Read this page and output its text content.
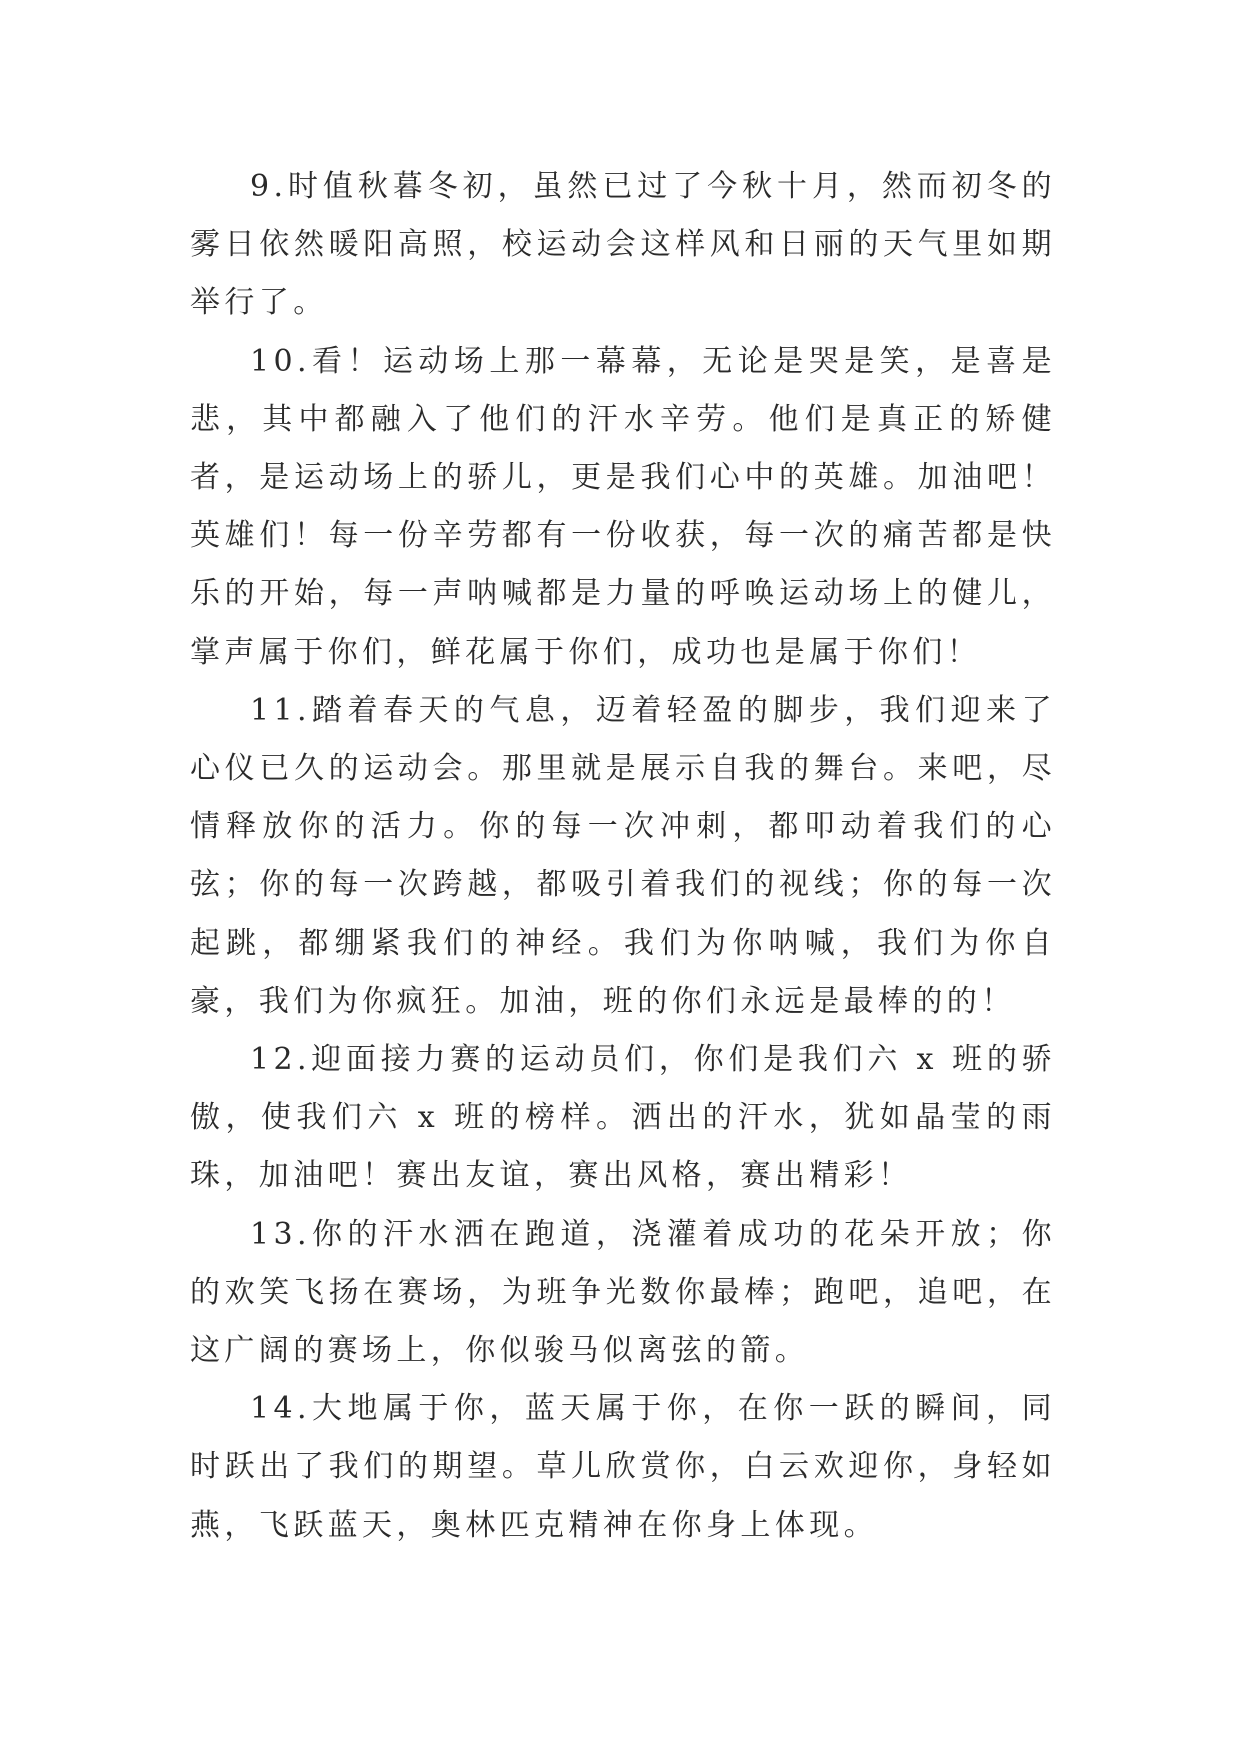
9.时值秋暮冬初，虽然已过了今秋十月，然而初冬的雾日依然暖阳高照，校运动会这样风和日丽的天气里如期举行了。

10.看！运动场上那一幕幕，无论是哭是笑，是喜是悲，其中都融入了他们的汗水辛劳。他们是真正的矫健者，是运动场上的骄儿，更是我们心中的英雄。加油吧！英雄们！每一份辛劳都有一份收获，每一次的痛苦都是快乐的开始，每一声呐喊都是力量的呼唤运动场上的健儿，掌声属于你们，鲜花属于你们，成功也是属于你们！

11.踏着春天的气息，迈着轻盈的脚步，我们迎来了心仪已久的运动会。那里就是展示自我的舞台。来吧，尽情释放你的活力。你的每一次冲刺，都叩动着我们的心弦；你的每一次跨越，都吸引着我们的视线；你的每一次起跳，都绷紧我们的神经。我们为你呐喊，我们为你自豪，我们为你疯狂。加油，班的你们永远是最棒的的！

12.迎面接力赛的运动员们，你们是我们六 x 班的骄傲，使我们六 x 班的榜样。洒出的汗水，犹如晶莹的雨珠，加油吧！赛出友谊，赛出风格，赛出精彩！

13.你的汗水洒在跑道，浇灌着成功的花朵开放；你的欢笑飞扬在赛场，为班争光数你最棒；跑吧，追吧，在这广阔的赛场上，你似骏马似离弦的箭。

14.大地属于你，蓝天属于你，在你一跃的瞬间，同时跃出了我们的期望。草儿欣赏你，白云欢迎你，身轻如燕，飞跃蓝天，奥林匹克精神在你身上体现。
